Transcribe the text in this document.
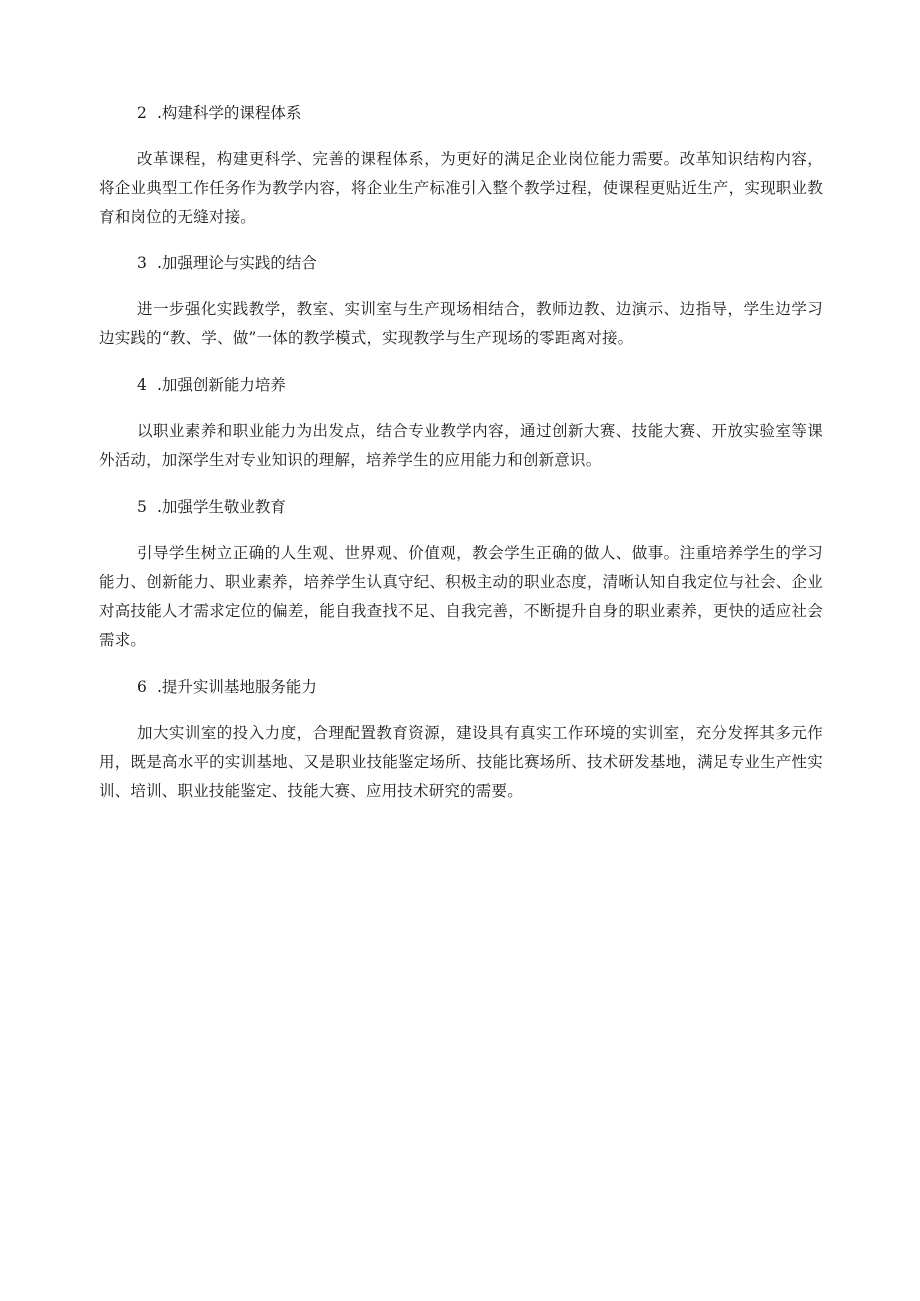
2 .构建科学的课程体系

改革课程，构建更科学、完善的课程体系，为更好的满足企业岗位能力需要。改革知识结构内容，将企业典型工作任务作为教学内容，将企业生产标准引入整个教学过程，使课程更贴近生产，实现职业教育和岗位的无缝对接。

3 .加强理论与实践的结合

进一步强化实践教学，教室、实训室与生产现场相结合，教师边教、边演示、边指导，学生边学习边实践的“教、学、做”一体的教学模式，实现教学与生产现场的零距离对接。

4 .加强创新能力培养

以职业素养和职业能力为出发点，结合专业教学内容，通过创新大赛、技能大赛、开放实验室等课外活动，加深学生对专业知识的理解，培养学生的应用能力和创新意识。

5 .加强学生敬业教育

引导学生树立正确的人生观、世界观、价值观，教会学生正确的做人、做事。注重培养学生的学习能力、创新能力、职业素养，培养学生认真守纪、积极主动的职业态度，清晰认知自我定位与社会、企业对高技能人才需求定位的偏差，能自我查找不足、自我完善，不断提升自身的职业素养，更快的适应社会需求。

6 .提升实训基地服务能力

加大实训室的投入力度，合理配置教育资源，建设具有真实工作环境的实训室，充分发挥其多元作用，既是高水平的实训基地、又是职业技能鉴定场所、技能比赛场所、技术研发基地，满足专业生产性实训、培训、职业技能鉴定、技能大赛、应用技术研究的需要。
